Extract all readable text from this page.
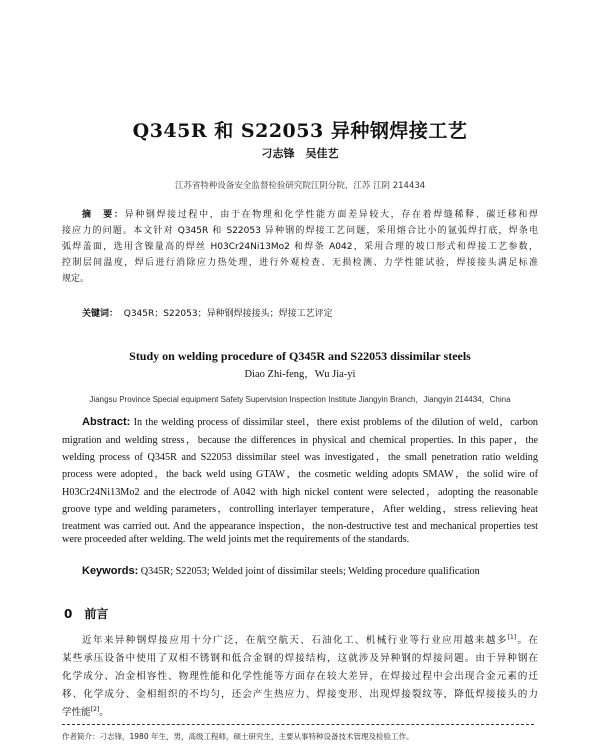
Q345R 和 S22053 异种钢焊接工艺
刁志锋　吴佳艺
江苏省特种设备安全监督检验研究院江阴分院，江苏 江阴 214434
摘　要：异种钢焊接过程中，由于在物理和化学性能方面差异较大，存在着焊缝稀释、碳迁移和焊
接应力的问题。本文针对 Q345R 和 S22053 异种钢的焊接工艺问题，采用熔合比小的氩弧焊打底，焊条电
弧焊盖面，选用含镍量高的焊丝 H03Cr24Ni13Mo2 和焊条 A042，采用合理的坡口形式和焊接工艺参数，
控制层间温度，焊后进行消除应力热处理，进行外观检查、无损检测、力学性能试验，焊接接头满足标准
规定。
关键词： Q345R；S22053；异种钢焊接接头；焊接工艺评定
Study on welding procedure of Q345R and S22053 dissimilar steels
Diao Zhi-feng，Wu Jia-yi
Jiangsu Province Special equipment Safety Supervision Inspection Institute Jiangyin Branch，Jiangyin 214434，China
Abstract: In the welding process of dissimilar steel，there exist problems of the dilution of weld，carbon
migration and welding stress，because the differences in physical and chemical properties. In this paper，the
welding process of Q345R and S22053 dissimilar steel was investigated，the small penetration ratio welding
process were adopted，the back weld using GTAW，the cosmetic welding adopts SMAW，the solid wire of
H03Cr24Ni13Mo2 and the electrode of A042 with high nickel content were selected，adopting the reasonable
groove type and welding parameters，controlling interlayer temperature，After welding，stress relieving heat
treatment was carried out. And the appearance inspection，the non-destructive test and mechanical properties test
were proceeded after welding. The weld joints met the requirements of the standards.
Keywords: Q345R; S22053; Welded joint of dissimilar steels; Welding procedure qualification
0　前言
近年来异种钢焊接应用十分广泛，在航空航天、石油化工、机械行业等行业应用越来越多[1]。在
某些承压设备中使用了双相不锈钢和低合金钢的焊接结构，这就涉及异种钢的焊接问题。由于异种钢在
化学成分、冶金相容性、物理性能和化学性能等方面存在较大差异，在焊接过程中会出现合金元素的迁
移、化学成分、金相组织的不均匀，还会产生热应力、焊接变形、出现焊接裂纹等，降低焊接接头的力
学性能[2]。
作者简介：刁志锋，1980 年生，男，高级工程师，硕士研究生，主要从事特种设备技术管理及检验工作。
